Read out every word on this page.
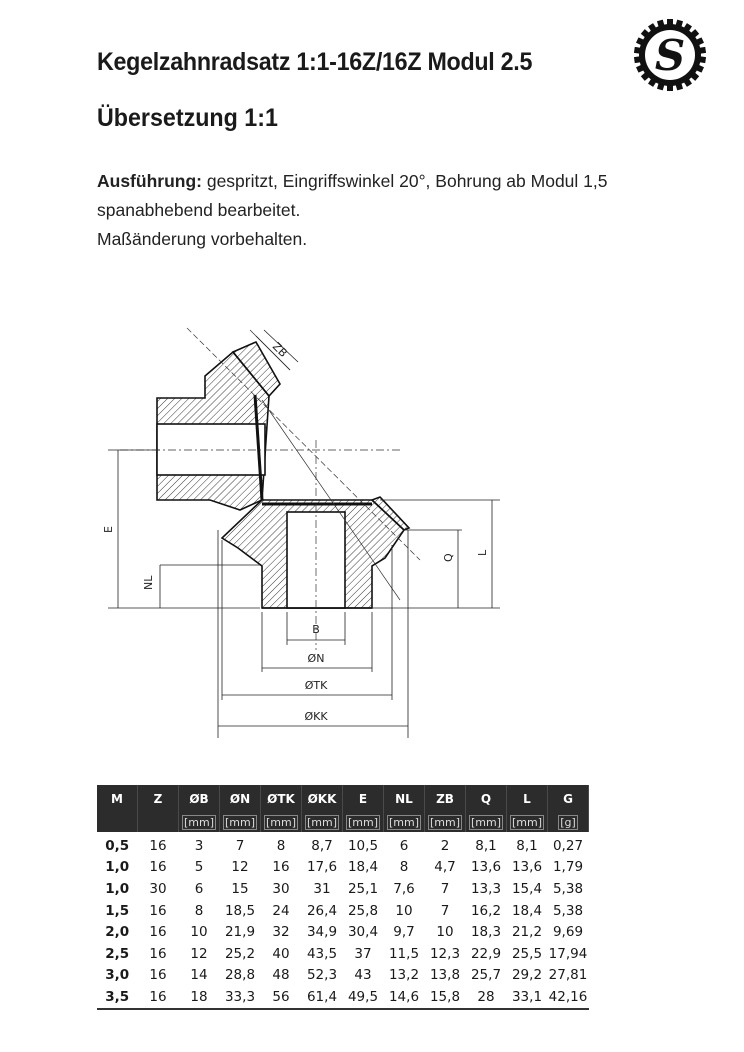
Kegelzahnradsatz 1:1-16Z/16Z Modul 2.5
Übersetzung 1:1
Ausführung: gespritzt, Eingriffswinkel 20°, Bohrung ab Modul 1,5
spanabhebend bearbeitet.
Maßänderung vorbehalten.
S
ZB
E
NL
Q
L
B
ØN
ØTK
ØKK
M	Z	ØB	ØN	ØTK	ØKK	E	NL	ZB	Q	L	G
		[mm]	[mm]	[mm]	[mm]	[mm]	[mm]	[mm]	[mm]	[mm]	[g]
0,5	16	3	7	8	8,7	10,5	6	2	8,1	8,1	0,27
1,0	16	5	12	16	17,6	18,4	8	4,7	13,6	13,6	1,79
1,0	30	6	15	30	31	25,1	7,6	7	13,3	15,4	5,38
1,5	16	8	18,5	24	26,4	25,8	10	7	16,2	18,4	5,38
2,0	16	10	21,9	32	34,9	30,4	9,7	10	18,3	21,2	9,69
2,5	16	12	25,2	40	43,5	37	11,5	12,3	22,9	25,5	17,94
3,0	16	14	28,8	48	52,3	43	13,2	13,8	25,7	29,2	27,81
3,5	16	18	33,3	56	61,4	49,5	14,6	15,8	28	33,1	42,16
